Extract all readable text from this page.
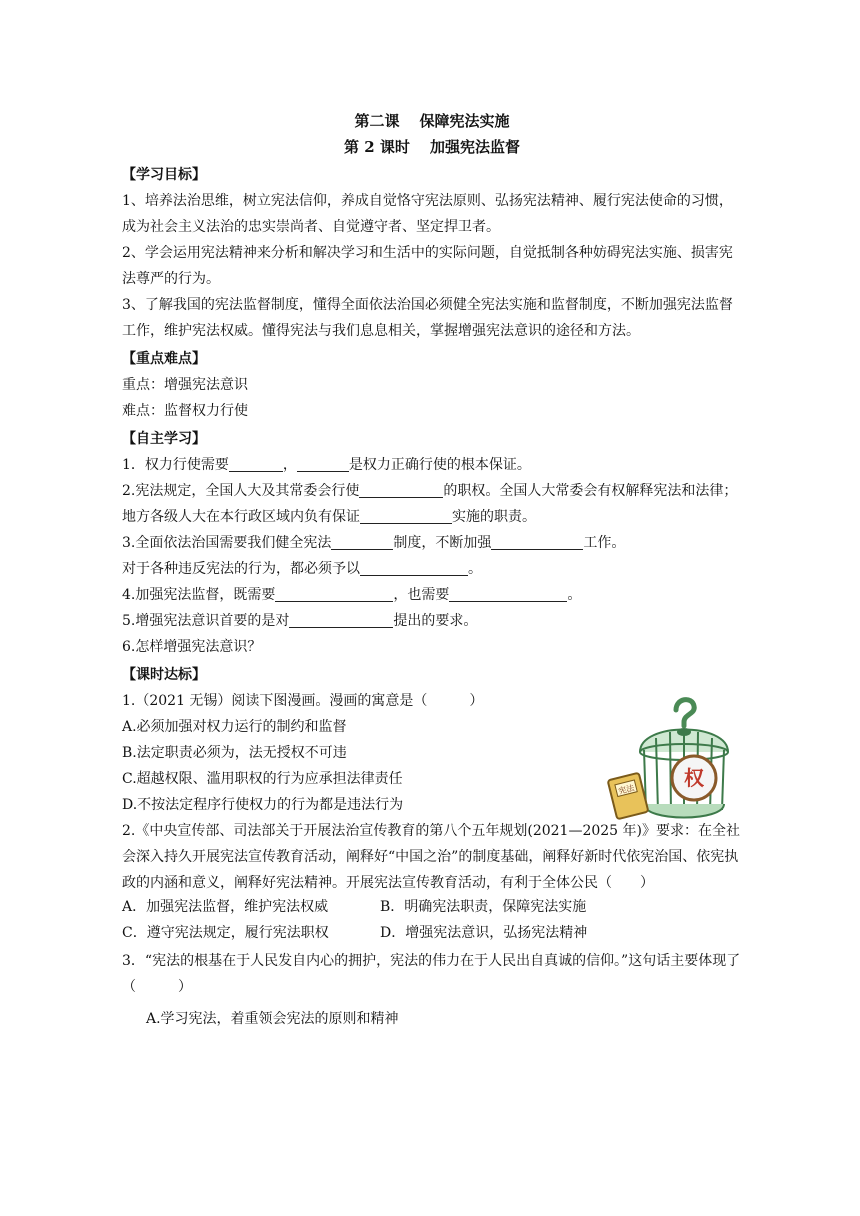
第二课 保障宪法实施
第 2 课时 加强宪法监督
【学习目标】

1、培养法治思维，树立宪法信仰，养成自觉恪守宪法原则、弘扬宪法精神、履行宪法使命的习惯，成为社会主义法治的忠实崇尚者、自觉遵守者、坚定捍卫者。

2、学会运用宪法精神来分析和解决学习和生活中的实际问题，自觉抵制各种妨碍宪法实施、损害宪法尊严的行为。

3、了解我国的宪法监督制度，懂得全面依法治国必须健全宪法实施和监督制度，不断加强宪法监督工作，维护宪法权威。懂得宪法与我们息息相关，掌握增强宪法意识的途径和方法。

【重点难点】

重点：增强宪法意识

难点：监督权力行使

【自主学习】

1．权力行使需要	，	是权力正确行使的根本保证。

2.宪法规定，全国人大及其常委会行使	的职权。全国人大常委会有权解释宪法和法律；地方各级人大在本行政区域内负有保证	实施的职责。

3.全面依法治国需要我们健全宪法	制度，不断加强	工作。

对于各种违反宪法的行为，都必须予以	。

4.加强宪法监督，既需要	，也需要	。

5.增强宪法意识首要的是对	提出的要求。

6.怎样增强宪法意识？

【课时达标】

1.（2021 无锡）阅读下图漫画。漫画的寓意是（　　　）

A.必须加强对权力运行的制约和监督

B.法定职责必须为，法无授权不可违

C.超越权限、滥用职权的行为应承担法律责任

D.不按法定程序行使权力的行为都是违法行为

权
宪法

2.《中央宣传部、司法部关于开展法治宣传教育的第八个五年规划(2021—2025 年)》要求：在全社会深入持久开展宪法宣传教育活动，阐释好“中国之治”的制度基础，阐释好新时代依宪治国、依宪执政的内涵和意义，阐释好宪法精神。开展宪法宣传教育活动，有利于全体公民（　　）

A．加强宪法监督，维护宪法权威	B．明确宪法职责，保障宪法实施
C．遵守宪法规定，履行宪法职权	D．增强宪法意识，弘扬宪法精神

3．“宪法的根基在于人民发自内心的拥护，宪法的伟力在于人民出自真诚的信仰。”这句话主要体现了（　　　）

A.学习宪法，着重领会宪法的原则和精神
